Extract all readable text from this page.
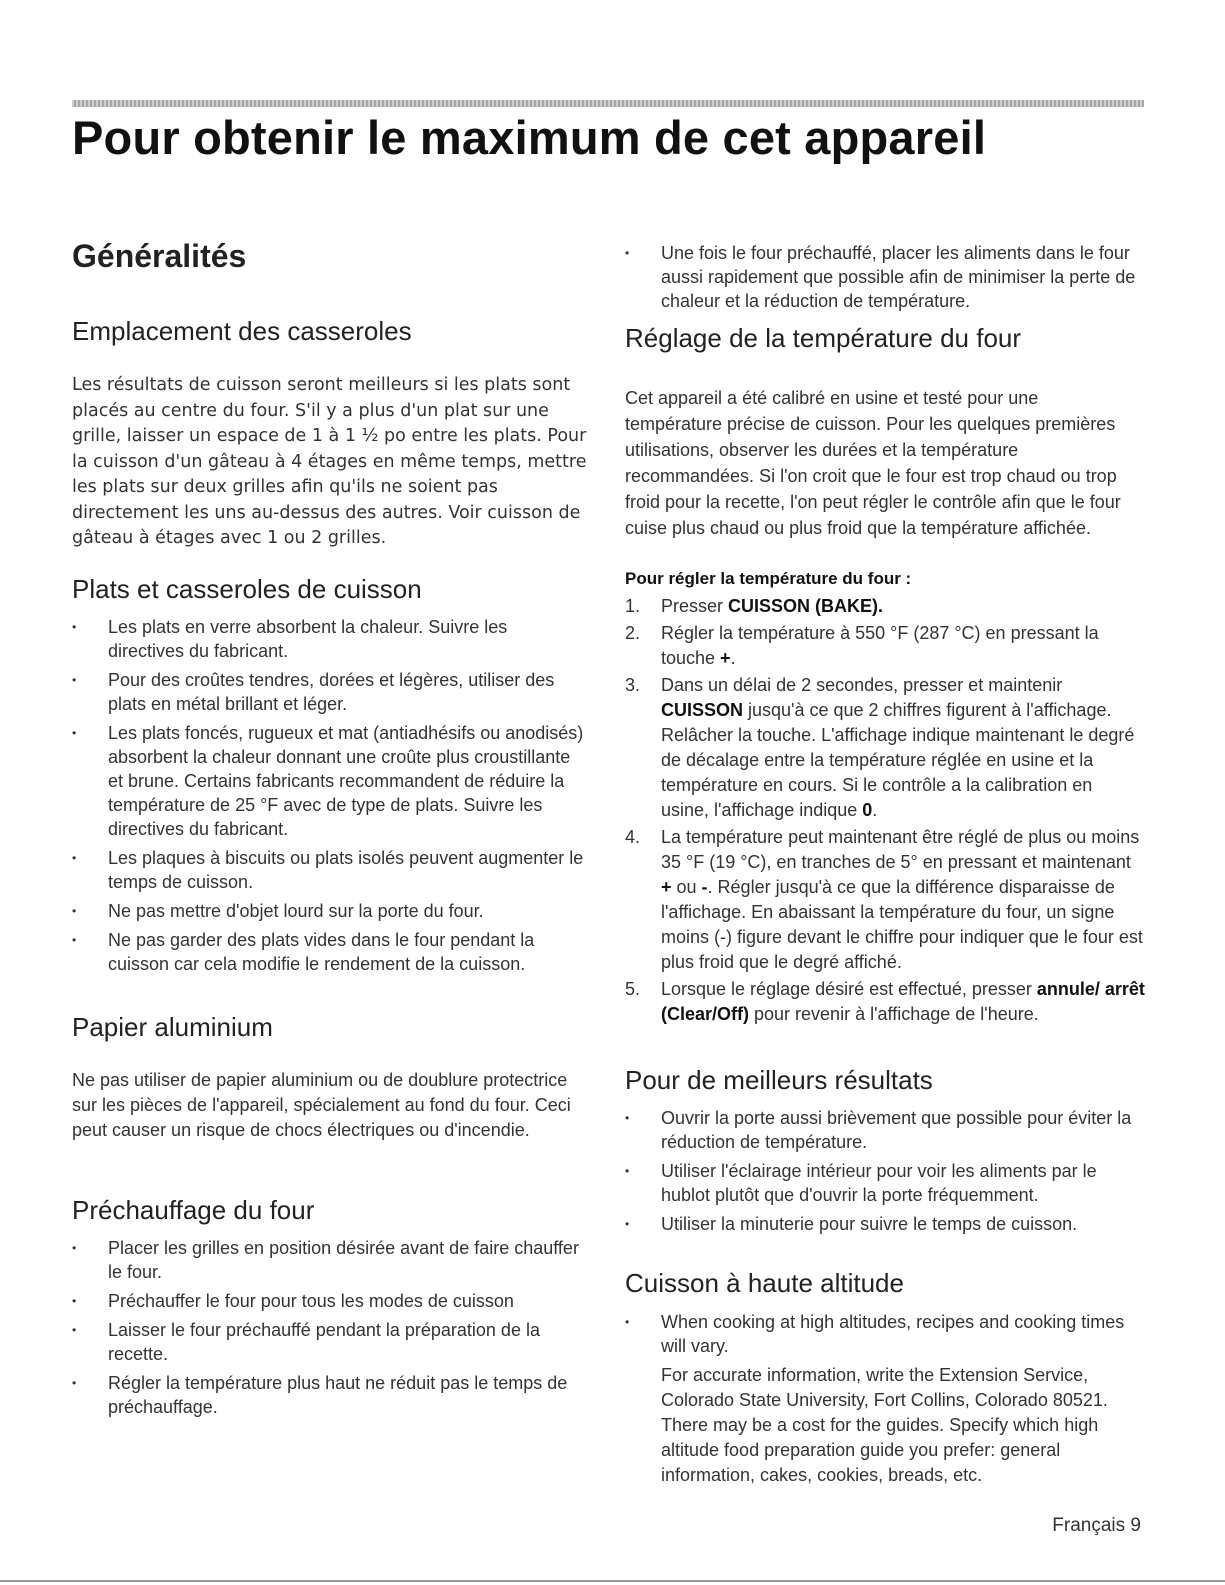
Pour obtenir le maximum de cet appareil
Généralités
Emplacement des casseroles

Les résultats de cuisson seront meilleurs si les plats sont placés au centre du four. S'il y a plus d'un plat sur une grille, laisser un espace de 1 à 1 ½ po entre les plats. Pour la cuisson d'un gâteau à 4 étages en même temps, mettre les plats sur deux grilles afin qu'ils ne soient pas directement les uns au-dessus des autres. Voir cuisson de gâteau à étages avec 1 ou 2 grilles.

Plats et casseroles de cuisson
• Les plats en verre absorbent la chaleur. Suivre les directives du fabricant.
• Pour des croûtes tendres, dorées et légères, utiliser des plats en métal brillant et léger.
• Les plats foncés, rugueux et mat (antiadhésifs ou anodisés) absorbent la chaleur donnant une croûte plus croustillante et brune. Certains fabricants recommandent de réduire la température de 25 °F avec de type de plats. Suivre les directives du fabricant.
• Les plaques à biscuits ou plats isolés peuvent augmenter le temps de cuisson.
• Ne pas mettre d'objet lourd sur la porte du four.
• Ne pas garder des plats vides dans le four pendant la cuisson car cela modifie le rendement de la cuisson.
Papier aluminium

Ne pas utiliser de papier aluminium ou de doublure protectrice sur les pièces de l'appareil, spécialement au fond du four. Ceci peut causer un risque de chocs électriques ou d'incendie.

Préchauffage du four
• Placer les grilles en position désirée avant de faire chauffer le four.
• Préchauffer le four pour tous les modes de cuisson
• Laisser le four préchauffé pendant la préparation de la recette.
• Régler la température plus haut ne réduit pas le temps de préchauffage.
• Une fois le four préchauffé, placer les aliments dans le four aussi rapidement que possible afin de minimiser la perte de chaleur et la réduction de température.
Réglage de la température du four

Cet appareil a été calibré en usine et testé pour une température précise de cuisson. Pour les quelques premières utilisations, observer les durées et la température recommandées. Si l'on croit que le four est trop chaud ou trop froid pour la recette, l'on peut régler le contrôle afin que le four cuise plus chaud ou plus froid que la température affichée.

Pour régler la température du four :

1. Presser CUISSON (BAKE).
2. Régler la température à 550 °F (287 °C) en pressant la touche +.
3. Dans un délai de 2 secondes, presser et maintenir CUISSON jusqu'à ce que 2 chiffres figurent à l'affichage. Relâcher la touche. L'affichage indique maintenant le degré de décalage entre la température réglée en usine et la température en cours. Si le contrôle a la calibration en usine, l'affichage indique 0.
4. La température peut maintenant être réglé de plus ou moins 35 °F (19 °C), en tranches de 5° en pressant et maintenant + ou -. Régler jusqu'à ce que la différence disparaisse de l'affichage. En abaissant la température du four, un signe moins (-) figure devant le chiffre pour indiquer que le four est plus froid que le degré affiché.
5. Lorsque le réglage désiré est effectué, presser annule/ arrêt (Clear/Off) pour revenir à l'affichage de l'heure.
Pour de meilleurs résultats
• Ouvrir la porte aussi brièvement que possible pour éviter la réduction de température.
• Utiliser l'éclairage intérieur pour voir les aliments par le hublot plutôt que d'ouvrir la porte fréquemment.
• Utiliser la minuterie pour suivre le temps de cuisson.
Cuisson à haute altitude
• When cooking at high altitudes, recipes and cooking times will vary.

For accurate information, write the Extension Service, Colorado State University, Fort Collins, Colorado 80521. There may be a cost for the guides. Specify which high altitude food preparation guide you prefer: general information, cakes, cookies, breads, etc.

Français 9
